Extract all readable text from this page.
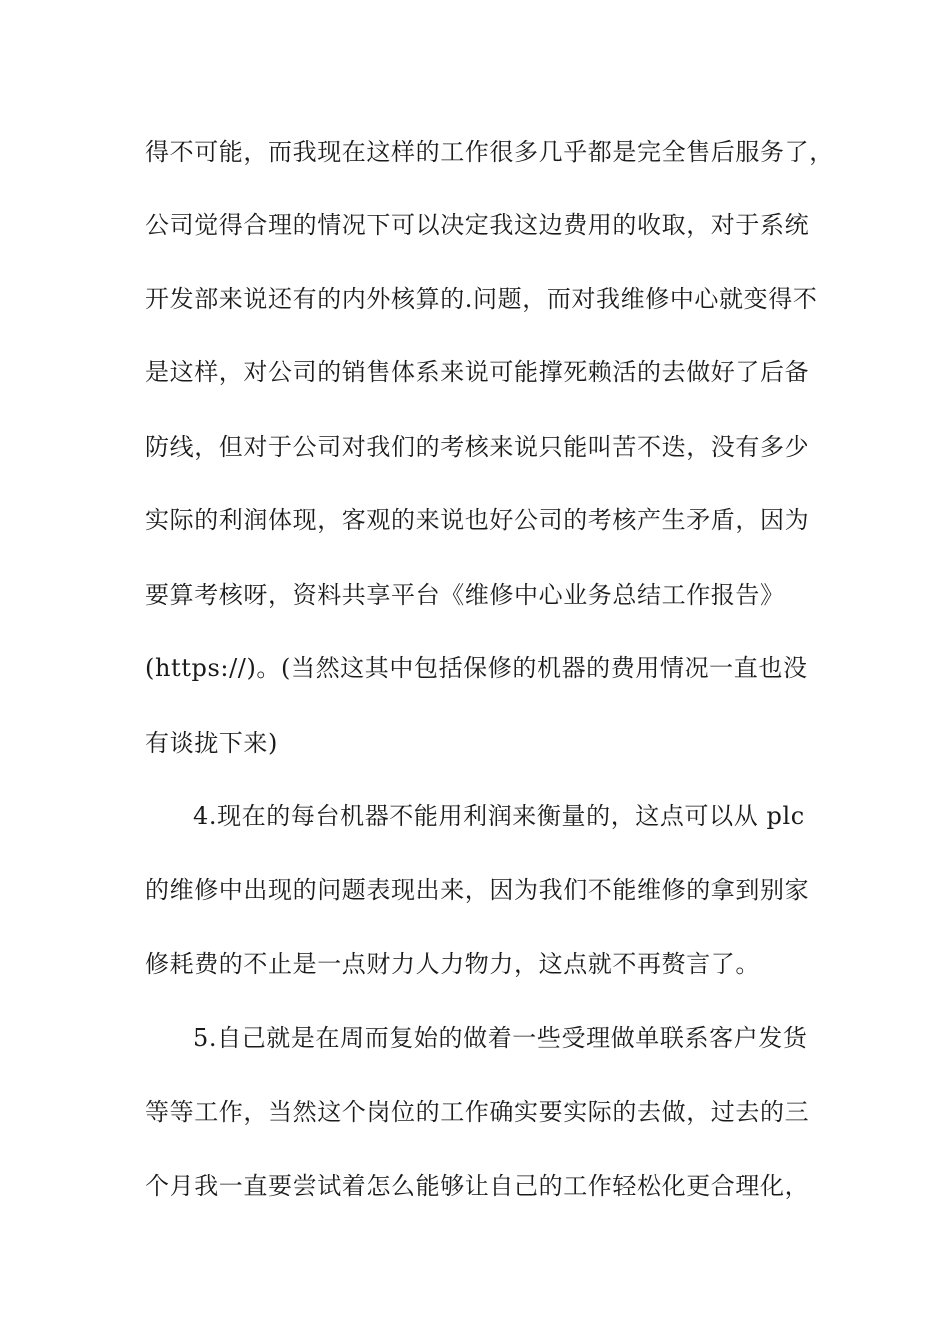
得不可能，而我现在这样的工作很多几乎都是完全售后服务了，
公司觉得合理的情况下可以决定我这边费用的收取，对于系统
开发部来说还有的内外核算的.问题，而对我维修中心就变得不
是这样，对公司的销售体系来说可能撑死赖活的去做好了后备
防线，但对于公司对我们的考核来说只能叫苦不迭，没有多少
实际的利润体现，客观的来说也好公司的考核产生矛盾，因为
要算考核呀，资料共享平台《维修中心业务总结工作报告》
(https://)。(当然这其中包括保修的机器的费用情况一直也没
有谈拢下来)
4.现在的每台机器不能用利润来衡量的，这点可以从 plc
的维修中出现的问题表现出来，因为我们不能维修的拿到别家
修耗费的不止是一点财力人力物力，这点就不再赘言了。
5.自己就是在周而复始的做着一些受理做单联系客户发货
等等工作，当然这个岗位的工作确实要实际的去做，过去的三
个月我一直要尝试着怎么能够让自己的工作轻松化更合理化，
